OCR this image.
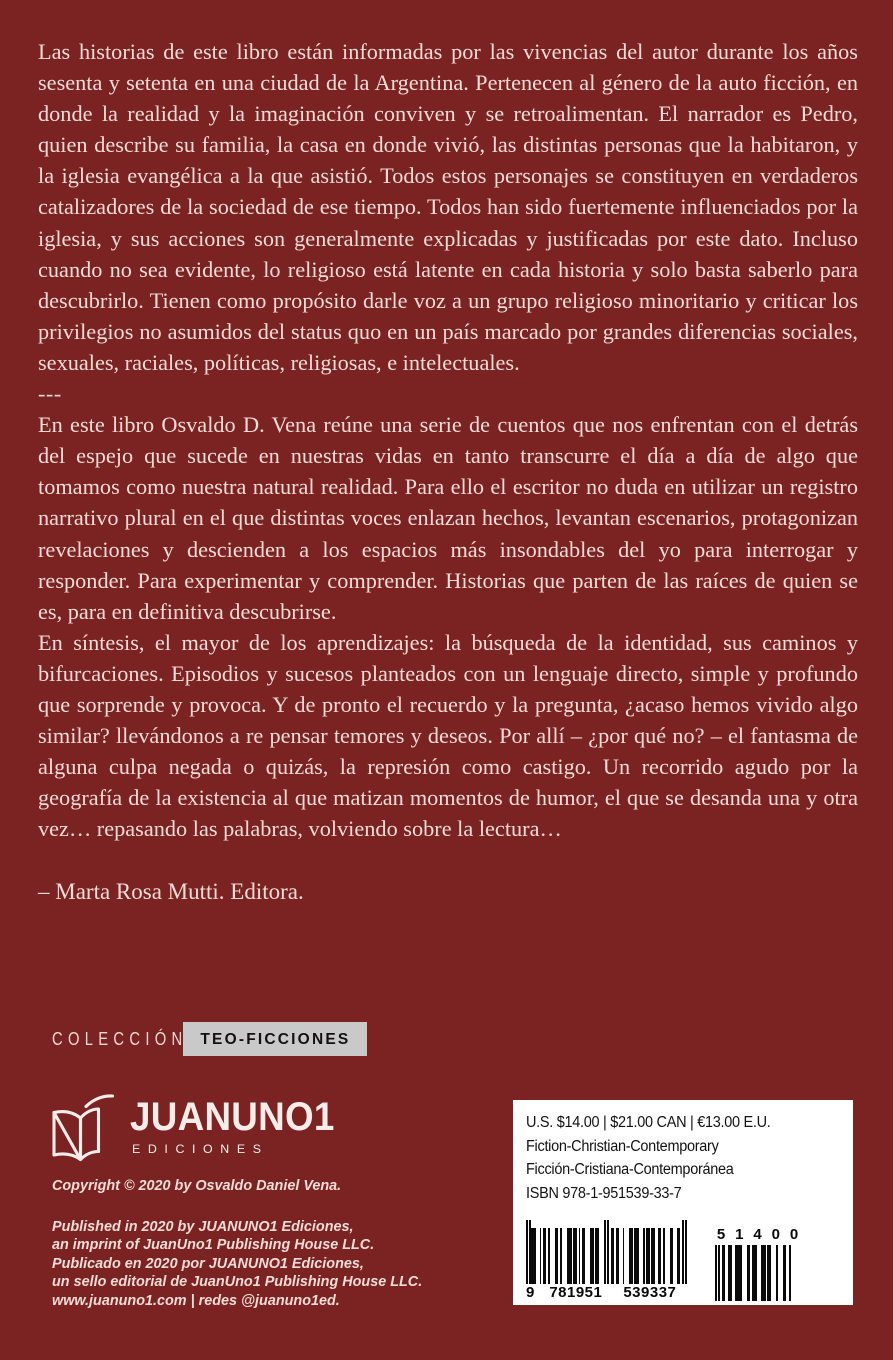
Las historias de este libro están informadas por las vivencias del autor durante los años sesenta y setenta en una ciudad de la Argentina. Pertenecen al género de la auto ficción, en donde la realidad y la imaginación conviven y se retroalimentan. El narrador es Pedro, quien describe su familia, la casa en donde vivió, las distintas personas que la habitaron, y la iglesia evangélica a la que asistió. Todos estos personajes se constituyen en verdaderos catalizadores de la sociedad de ese tiempo. Todos han sido fuertemente influenciados por la iglesia, y sus acciones son generalmente explicadas y justificadas por este dato. Incluso cuando no sea evidente, lo religioso está latente en cada historia y solo basta saberlo para descubrirlo. Tienen como propósito darle voz a un grupo religioso minoritario y criticar los privilegios no asumidos del status quo en un país marcado por grandes diferencias sociales, sexuales, raciales, políticas, religiosas, e intelectuales.

---

En este libro Osvaldo D. Vena reúne una serie de cuentos que nos enfrentan con el detrás del espejo que sucede en nuestras vidas en tanto transcurre el día a día de algo que tomamos como nuestra natural realidad. Para ello el escritor no duda en utilizar un registro narrativo plural en el que distintas voces enlazan hechos, levantan escenarios, protagonizan revelaciones y descienden a los espacios más insondables del yo para interrogar y responder. Para experimentar y comprender. Historias que parten de las raíces de quien se es, para en definitiva descubrirse.

En síntesis, el mayor de los aprendizajes: la búsqueda de la identidad, sus caminos y bifurcaciones. Episodios y sucesos planteados con un lenguaje directo, simple y profundo que sorprende y provoca. Y de pronto el recuerdo y la pregunta, ¿acaso hemos vivido algo similar? llevándonos a re pensar temores y deseos. Por allí – ¿por qué no? – el fantasma de alguna culpa negada o quizás, la represión como castigo. Un recorrido agudo por la geografía de la existencia al que matizan momentos de humor, el que se desanda una y otra vez… repasando las palabras, volviendo sobre la lectura…

– Marta Rosa Mutti. Editora.

COLECCIÓN TEO-FICCIONES
JUANUNO1
EDICIONES
Copyright © 2020 by Osvaldo Daniel Vena.
Published in 2020 by JUANUNO1 Ediciones,
an imprint of JuanUno1 Publishing House LLC.
Publicado en 2020 por JUANUNO1 Ediciones,
un sello editorial de JuanUno1 Publishing House LLC.
www.juanuno1.com | redes @juanuno1ed.
U.S. $14.00 | $21.00 CAN | €13.00 E.U.
Fiction-Christian-Contemporary
Ficción-Cristiana-Contemporánea
ISBN 978-1-951539-33-7
9 781951	539337
5 1 4 0 0
